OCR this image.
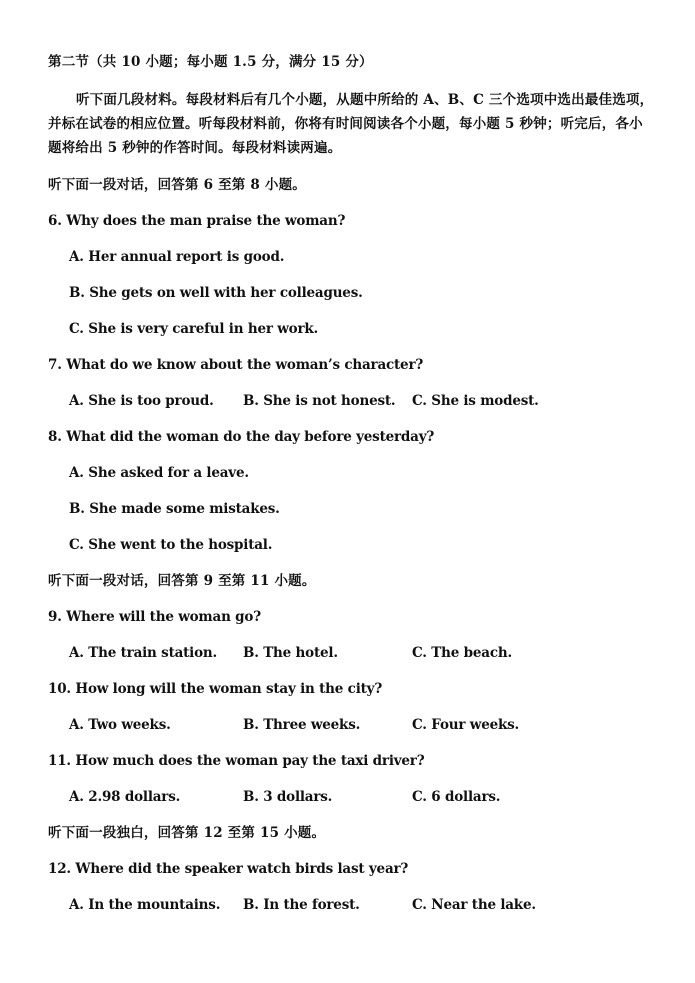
第二节（共 10 小题；每小题 1.5 分，满分 15 分）
听下面几段材料。每段材料后有几个小题，从题中所给的 A、B、C 三个选项中选出最佳选项，
并标在试卷的相应位置。听每段材料前，你将有时间阅读各个小题，每小题 5 秒钟；听完后，各小
题将给出 5 秒钟的作答时间。每段材料读两遍。
听下面一段对话，回答第 6 至第 8 小题。
6. Why does the man praise the woman?
A. Her annual report is good.
B. She gets on well with her colleagues.
C. She is very careful in her work.
7. What do we know about the woman’s character?
A. She is too proud. B. She is not honest. C. She is modest.
8. What did the woman do the day before yesterday?
A. She asked for a leave.
B. She made some mistakes.
C. She went to the hospital.
听下面一段对话，回答第 9 至第 11 小题。
9. Where will the woman go?
A. The train station. B. The hotel.	C. The beach.
10. How long will the woman stay in the city?
A. Two weeks.	B. Three weeks.	C. Four weeks.
11. How much does the woman pay the taxi driver?
A. 2.98 dollars.	B. 3 dollars.	C. 6 dollars.
听下面一段独白，回答第 12 至第 15 小题。
12. Where did the speaker watch birds last year?
A. In the mountains. B. In the forest.	C. Near the lake.
